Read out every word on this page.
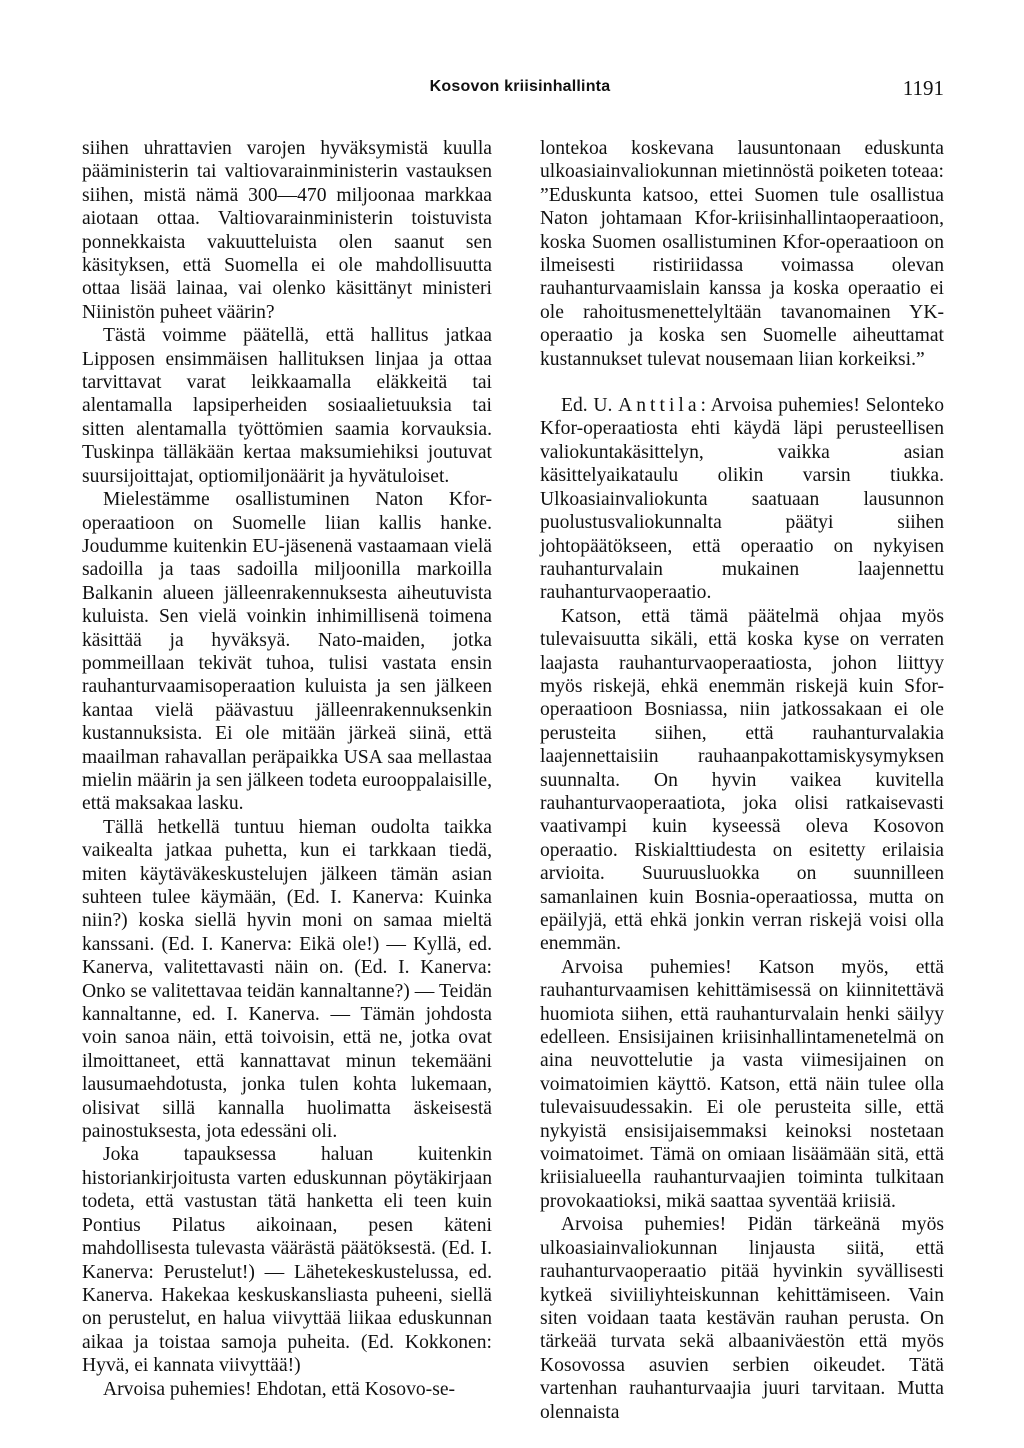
Kosovon kriisinhallinta	1191

siihen uhrattavien varojen hyväksymistä kuulla pääministerin tai valtiovarainministerin vastauksen siihen, mistä nämä 300—470 miljoonaa markkaa aiotaan ottaa. Valtiovarainministerin toistuvista ponnekkaista vakuutteluista olen saanut sen käsityksen, että Suomella ei ole mahdollisuutta ottaa lisää lainaa, vai olenko käsittänyt ministeri Niinistön puheet väärin?

Tästä voimme päätellä, että hallitus jatkaa Lipposen ensimmäisen hallituksen linjaa ja ottaa tarvittavat varat leikkaamalla eläkkeitä tai alentamalla lapsiperheiden sosiaalietuuksia tai sitten alentamalla työttömien saamia korvauksia. Tuskinpa tälläkään kertaa maksumiehiksi joutuvat suursijoittajat, optiomiljonäärit ja hyvätuloiset.

Mielestämme osallistuminen Naton Kfor-operaatioon on Suomelle liian kallis hanke. Joudumme kuitenkin EU-jäsenenä vastaamaan vielä sadoilla ja taas sadoilla miljoonilla markoilla Balkanin alueen jälleenrakennuksesta aiheutuvista kuluista. Sen vielä voinkin inhimillisenä toimena käsittää ja hyväksyä. Nato-maiden, jotka pommeillaan tekivät tuhoa, tulisi vastata ensin rauhanturvaamisoperaation kuluista ja sen jälkeen kantaa vielä päävastuu jälleenrakennuksenkin kustannuksista. Ei ole mitään järkeä siinä, että maailman rahavallan peräpaikka USA saa mellastaa mielin määrin ja sen jälkeen todeta eurooppalaisille, että maksakaa lasku.

Tällä hetkellä tuntuu hieman oudolta taikka vaikealta jatkaa puhetta, kun ei tarkkaan tiedä, miten käytäväkeskustelujen jälkeen tämän asian suhteen tulee käymään, (Ed. I. Kanerva: Kuinka niin?) koska siellä hyvin moni on samaa mieltä kanssani. (Ed. I. Kanerva: Eikä ole!) — Kyllä, ed. Kanerva, valitettavasti näin on. (Ed. I. Kanerva: Onko se valitettavaa teidän kannaltanne?) — Teidän kannaltanne, ed. I. Kanerva. — Tämän johdosta voin sanoa näin, että toivoisin, että ne, jotka ovat ilmoittaneet, että kannattavat minun tekemääni lausumaehdotusta, jonka tulen kohta lukemaan, olisivat sillä kannalla huolimatta äskeisestä painostuksesta, jota edessäni oli.

Joka tapauksessa haluan kuitenkin historiankirjoitusta varten eduskunnan pöytäkirjaan todeta, että vastustan tätä hanketta eli teen kuin Pontius Pilatus aikoinaan, pesen käteni mahdollisesta tulevasta väärästä päätöksestä. (Ed. I. Kanerva: Perustelut!) — Lähetekeskustelussa, ed. Kanerva. Hakekaa keskuskansliasta puheeni, siellä on perustelut, en halua viivyttää liikaa eduskunnan aikaa ja toistaa samoja puheita. (Ed. Kokkonen: Hyvä, ei kannata viivyttää!)

Arvoisa puhemies! Ehdotan, että Kosovo-se-

lontekoa koskevana lausuntonaan eduskunta ulkoasiainvaliokunnan mietinnöstä poiketen toteaa: ”Eduskunta katsoo, ettei Suomen tule osallistua Naton johtamaan Kfor-kriisinhallintaoperaatioon, koska Suomen osallistuminen Kfor-operaatioon on ilmeisesti ristiriidassa voimassa olevan rauhanturvaamislain kanssa ja koska operaatio ei ole rahoitusmenettelyltään tavanomainen YK-operaatio ja koska sen Suomelle aiheuttamat kustannukset tulevat nousemaan liian korkeiksi.”

Ed. U. Anttila: Arvoisa puhemies! Selonteko Kfor-operaatiosta ehti käydä läpi perusteellisen valiokuntakäsittelyn, vaikka asian käsittelyaikataulu olikin varsin tiukka. Ulkoasiainvaliokunta saatuaan lausunnon puolustusvaliokunnalta päätyi siihen johtopäätökseen, että operaatio on nykyisen rauhanturvalain mukainen laajennettu rauhanturvaoperaatio.

Katson, että tämä päätelmä ohjaa myös tulevaisuutta sikäli, että koska kyse on verraten laajasta rauhanturvaoperaatiosta, johon liittyy myös riskejä, ehkä enemmän riskejä kuin Sfor-operaatioon Bosniassa, niin jatkossakaan ei ole perusteita siihen, että rauhanturvalakia laajennettaisiin rauhaanpakottamiskysymyksen suunnalta. On hyvin vaikea kuvitella rauhanturvaoperaatiota, joka olisi ratkaisevasti vaativampi kuin kyseessä oleva Kosovon operaatio. Riskialttiudesta on esitetty erilaisia arvioita. Suuruusluokka on suunnilleen samanlainen kuin Bosnia-operaatiossa, mutta on epäilyjä, että ehkä jonkin verran riskejä voisi olla enemmän.

Arvoisa puhemies! Katson myös, että rauhanturvaamisen kehittämisessä on kiinnitettävä huomiota siihen, että rauhanturvalain henki säilyy edelleen. Ensisijainen kriisinhallintamenetelmä on aina neuvottelutie ja vasta viimesijainen on voimatoimien käyttö. Katson, että näin tulee olla tulevaisuudessakin. Ei ole perusteita sille, että nykyistä ensisijaisemmaksi keinoksi nostetaan voimatoimet. Tämä on omiaan lisäämään sitä, että kriisialueella rauhanturvaajien toiminta tulkitaan provokaatioksi, mikä saattaa syventää kriisiä.

Arvoisa puhemies! Pidän tärkeänä myös ulkoasiainvaliokunnan linjausta siitä, että rauhanturvaoperaatio pitää hyvinkin syvällisesti kytkeä siviiliyhteiskunnan kehittämiseen. Vain siten voidaan taata kestävän rauhan perusta. On tärkeää turvata sekä albaaniväestön että myös Kosovossa asuvien serbien oikeudet. Tätä vartenhan rauhanturvaajia juuri tarvitaan. Mutta olennaista
